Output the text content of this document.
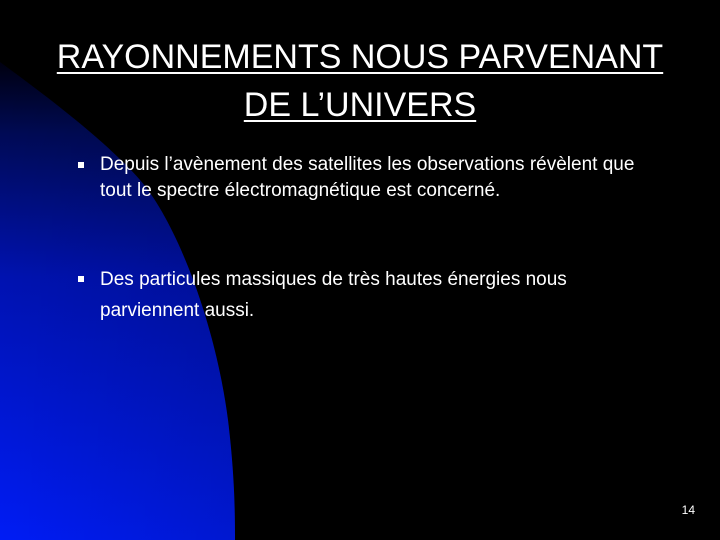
RAYONNEMENTS NOUS PARVENANT
DE L’UNIVERS
Depuis l’avènement des satellites les observations révèlent que tout le spectre électromagnétique est concerné.
Des particules massiques de très hautes énergies nous parviennent aussi.
14
